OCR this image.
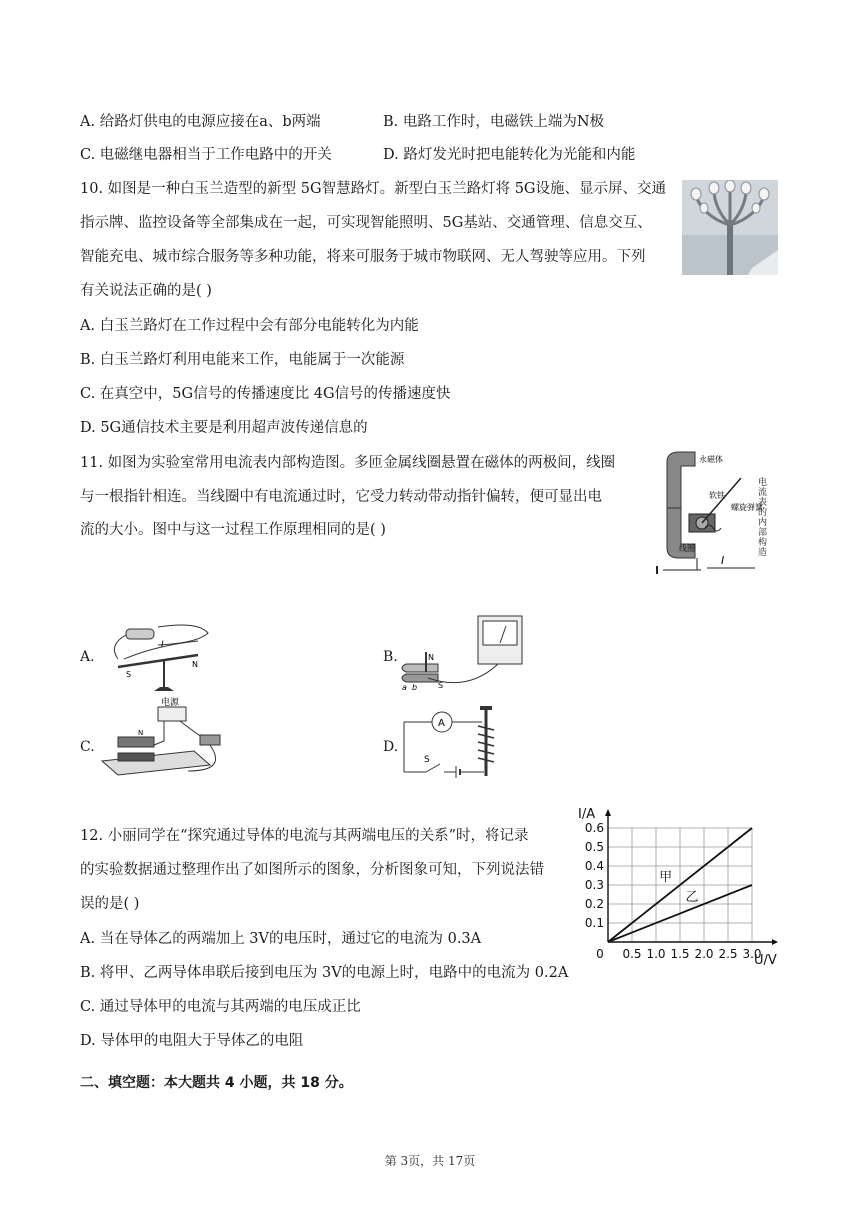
A. 给路灯供电的电源应接在a、b两端	B. 电路工作时，电磁铁上端为N极
C. 电磁继电器相当于工作电路中的开关	D. 路灯发光时把电能转化为光能和内能
10. 如图是一种白玉兰造型的新型 5G智慧路灯。新型白玉兰路灯将 5G设施、显示屏、交通
指示牌、监控设备等全部集成在一起，可实现智能照明、5G基站、交通管理、信息交互、
智能充电、城市综合服务等多种功能，将来可服务于城市物联网、无人驾驶等应用。下列
有关说法正确的是( )
A. 白玉兰路灯在工作过程中会有部分电能转化为内能
B. 白玉兰路灯利用电能来工作，电能属于一次能源
C. 在真空中，5G信号的传播速度比 4G信号的传播速度快
D. 5G通信技术主要是利用超声波传递信息的
11. 如图为实验室常用电流表内部构造图。多匝金属线圈悬置在磁体的两极间，线圈
与一根指针相连。当线圈中有电流通过时，它受力转动带动指针偏转，便可显出电
流的大小。图中与这一过程工作原理相同的是( )
永磁体
软铁
螺旋弹簧
线圈
I
电流表的内部构造
A.
I
S
N	B.	N
S
a b
C.
电源
N
D.
A
S
12. 小丽同学在“探究通过导体的电流与其两端电压的关系”时，将记录
的实验数据通过整理作出了如图所示的图象，分析图象可知，下列说法错
误的是( )
A. 当在导体乙的两端加上 3V的电压时，通过它的电流为 0.3A
B. 将甲、乙两导体串联后接到电压为 3V的电源上时，电路中的电流为 0.2A
C. 通过导体甲的电流与其两端的电压成正比
D. 导体甲的电阻大于导体乙的电阻
0 0.5 1.0 1.5 2.0 2.5 3.0
0.1
0.2
0.3
0.4
0.5
0.6
I/A
U/V
甲
乙
二、填空题：本大题共 4 小题，共 18 分。
第 3页，共 17页
